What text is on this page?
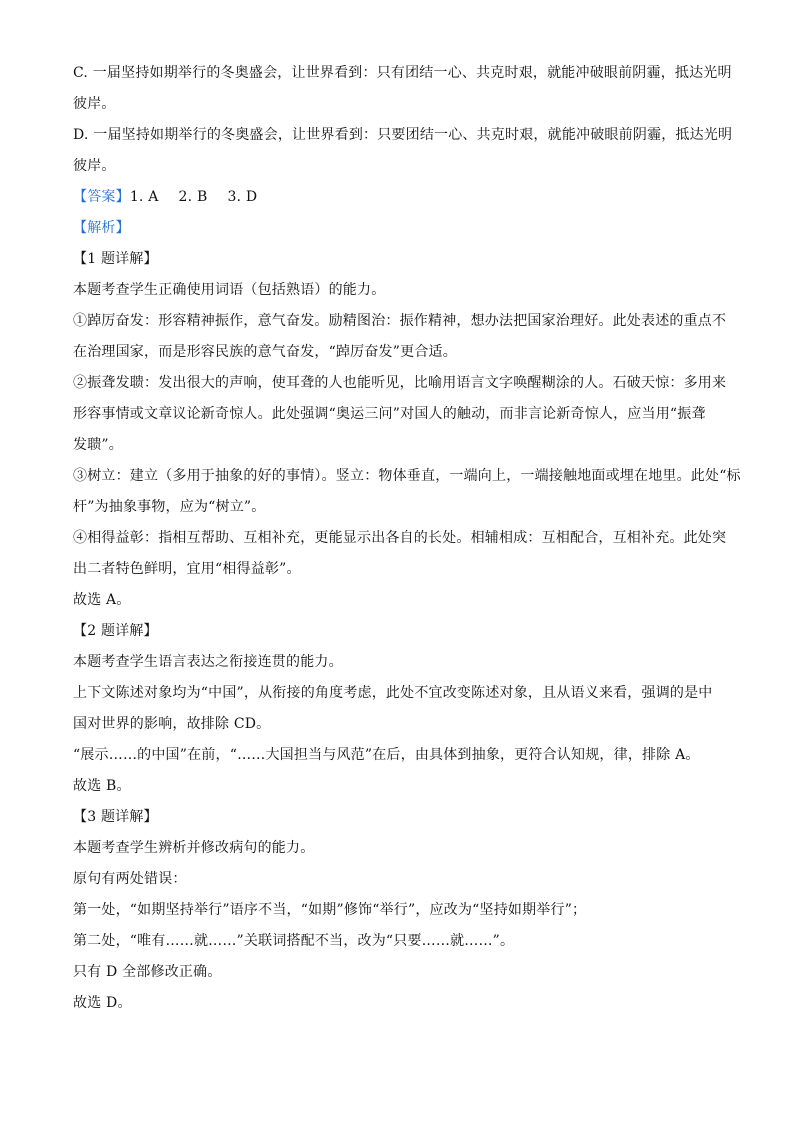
C. 一届坚持如期举行的冬奥盛会，让世界看到：只有团结一心、共克时艰，就能冲破眼前阴霾，抵达光明
彼岸。
D. 一届坚持如期举行的冬奥盛会，让世界看到：只要团结一心、共克时艰，就能冲破眼前阴霾，抵达光明
彼岸。
【答案】1. A 2. B 3. D
【解析】
【1 题详解】
本题考查学生正确使用词语（包括熟语）的能力。
①踔厉奋发：形容精神振作，意气奋发。励精图治：振作精神，想办法把国家治理好。此处表述的重点不
在治理国家，而是形容民族的意气奋发，“踔厉奋发”更合适。
②振聋发聩：发出很大的声响，使耳聋的人也能听见，比喻用语言文字唤醒糊涂的人。石破天惊：多用来
形容事情或文章议论新奇惊人。此处强调“奥运三问”对国人的触动，而非言论新奇惊人，应当用“振聋
发聩”。
③树立：建立（多用于抽象的好的事情）。竖立：物体垂直，一端向上，一端接触地面或埋在地里。此处“标
杆”为抽象事物，应为“树立”。
④相得益彰：指相互帮助、互相补充，更能显示出各自的长处。相辅相成：互相配合，互相补充。此处突
出二者特色鲜明，宜用“相得益彰”。
故选 A。
【2 题详解】
本题考查学生语言表达之衔接连贯的能力。
上下文陈述对象均为“中国”，从衔接的角度考虑，此处不宜改变陈述对象，且从语义来看，强调的是中
国对世界的影响，故排除 CD。
“展示……的中国”在前，“……大国担当与风范”在后，由具体到抽象，更符合认知规，律，排除 A。
故选 B。
【3 题详解】
本题考查学生辨析并修改病句的能力。
原句有两处错误：
第一处，“如期坚持举行”语序不当，“如期”修饰“举行”，应改为“坚持如期举行”；
第二处，“唯有……就……”关联词搭配不当，改为“只要……就……”。
只有 D 全部修改正确。
故选 D。
